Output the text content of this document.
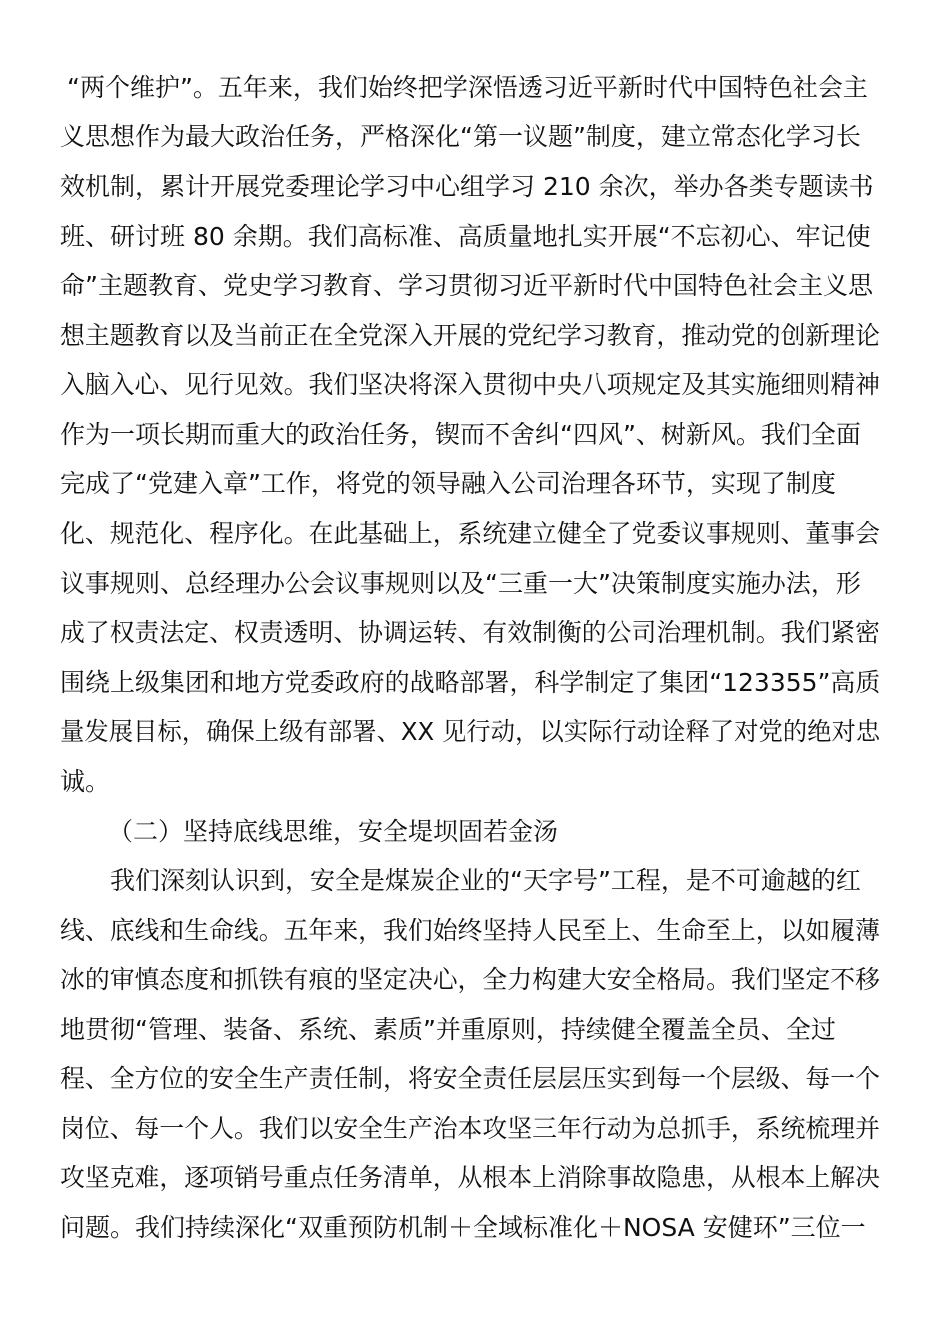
“两个维护”。五年来，我们始终把学深悟透习近平新时代中国特色社会主
义思想作为最大政治任务，严格深化“第一议题”制度，建立常态化学习长
效机制，累计开展党委理论学习中心组学习 210 余次，举办各类专题读书
班、研讨班 80 余期。我们高标准、高质量地扎实开展“不忘初心、牢记使
命”主题教育、党史学习教育、学习贯彻习近平新时代中国特色社会主义思
想主题教育以及当前正在全党深入开展的党纪学习教育，推动党的创新理论
入脑入心、见行见效。我们坚决将深入贯彻中央八项规定及其实施细则精神
作为一项长期而重大的政治任务，锲而不舍纠“四风”、树新风。我们全面
完成了“党建入章”工作，将党的领导融入公司治理各环节，实现了制度
化、规范化、程序化。在此基础上，系统建立健全了党委议事规则、董事会
议事规则、总经理办公会议事规则以及“三重一大”决策制度实施办法，形
成了权责法定、权责透明、协调运转、有效制衡的公司治理机制。我们紧密
围绕上级集团和地方党委政府的战略部署，科学制定了集团“123355”高质
量发展目标，确保上级有部署、XX 见行动，以实际行动诠释了对党的绝对忠
诚。
（二）坚持底线思维，安全堤坝固若金汤
我们深刻认识到，安全是煤炭企业的“天字号”工程，是不可逾越的红
线、底线和生命线。五年来，我们始终坚持人民至上、生命至上，以如履薄
冰的审慎态度和抓铁有痕的坚定决心，全力构建大安全格局。我们坚定不移
地贯彻“管理、装备、系统、素质”并重原则，持续健全覆盖全员、全过
程、全方位的安全生产责任制，将安全责任层层压实到每一个层级、每一个
岗位、每一个人。我们以安全生产治本攻坚三年行动为总抓手，系统梳理并
攻坚克难，逐项销号重点任务清单，从根本上消除事故隐患，从根本上解决
问题。我们持续深化“双重预防机制＋全域标准化＋NOSA 安健环”三位一
